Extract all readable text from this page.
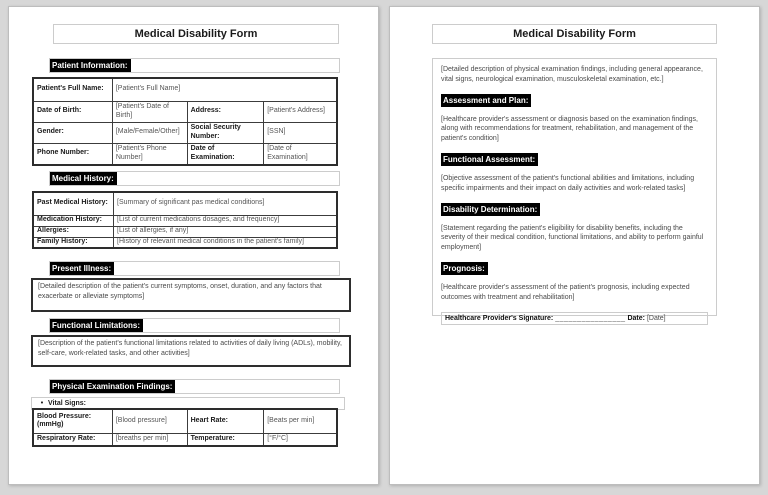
Medical Disability Form
Patient Information:
Patient's Full Name:	[Patient's Full Name]		
Date of Birth:	[Patient's Date of Birth]	Address:	[Patient's Address]
Gender:	[Male/Female/Other]	Social Security Number:	[SSN]
Phone Number:	[Patient's Phone Number]	Date of Examination:	[Date of Examination]
Medical History:
Past Medical History:	[Summary of significant pas medical conditions]
Medication History:	[List of current medications dosages, and frequency]
Allergies:	[List of allergies, if any]
Family History:	[History of relevant medical conditions in the patient's family]
Present Illness:
[Detailed description of the patient's current symptoms, onset, duration, and any factors that exacerbate or alleviate symptoms]
Functional Limitations:
[Description of the patient's functional limitations related to activities of daily living (ADLs), mobility, self-care, work-related tasks, and other activities]
Physical Examination Findings:
• Vital Signs:
Blood Pressure: (mmHg)	[Blood pressure]	Heart Rate:	[Beats per min]
Respiratory Rate:	[breaths per min]	Temperature:	[°F/°C]
Medical Disability Form

[Detailed description of physical examination findings, including general appearance, vital signs, neurological examination, musculoskeletal examination, etc.]

Assessment and Plan:

[Healthcare provider's assessment or diagnosis based on the examination findings, along with recommendations for treatment, rehabilitation, and management of the patient's condition]

Functional Assessment:

[Objective assessment of the patient's functional abilities and limitations, including specific impairments and their impact on daily activities and work-related tasks]

Disability Determination:

[Statement regarding the patient's eligibility for disability benefits, including the severity of their medical condition, functional limitations, and ability to perform gainful employment]

Prognosis:

[Healthcare provider's assessment of the patient's prognosis, including expected outcomes with treatment and rehabilitation]

Healthcare Provider's Signature: ________________ Date: [Date]
